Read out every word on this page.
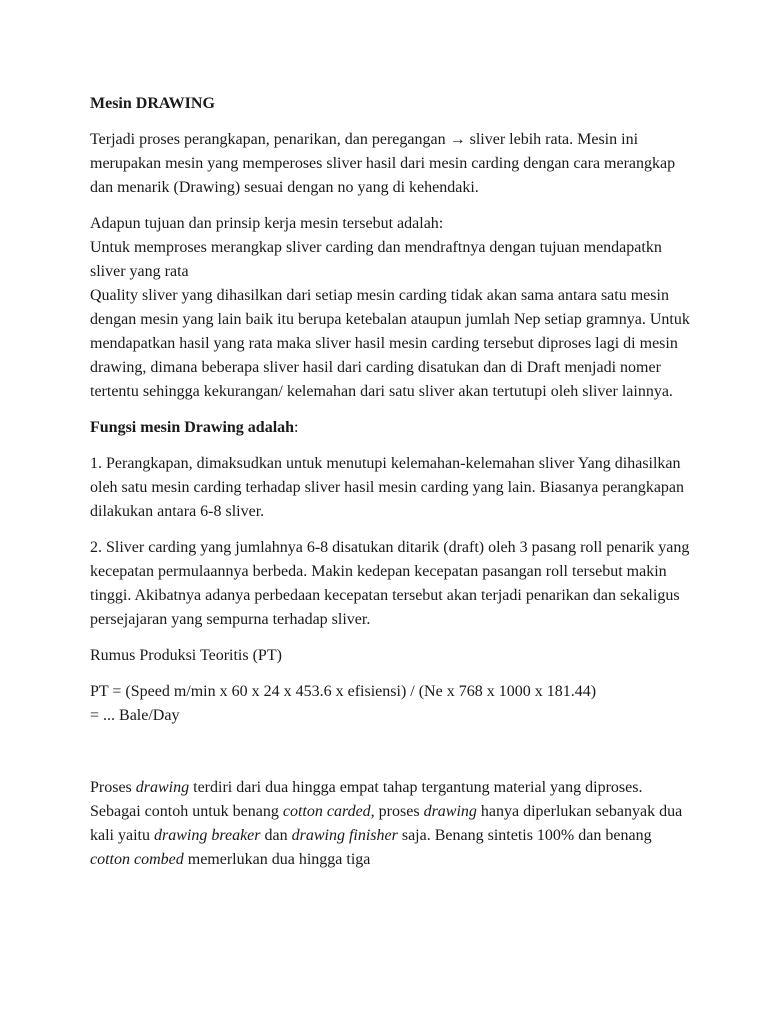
Mesin DRAWING

Terjadi proses perangkapan, penarikan, dan peregangan → sliver lebih rata. Mesin ini merupakan mesin yang memperoses sliver hasil dari mesin carding dengan cara merangkap dan menarik (Drawing) sesuai dengan no yang di kehendaki.

Adapun tujuan dan prinsip kerja mesin tersebut adalah:
Untuk memproses merangkap sliver carding dan mendraftnya dengan tujuan mendapatkn sliver yang rata
Quality sliver yang dihasilkan dari setiap mesin carding tidak akan sama antara satu mesin dengan mesin yang lain baik itu berupa ketebalan ataupun jumlah Nep setiap gramnya. Untuk mendapatkan hasil yang rata maka sliver hasil mesin carding tersebut diproses lagi di mesin drawing, dimana beberapa sliver hasil dari carding disatukan dan di Draft menjadi nomer tertentu sehingga kekurangan/ kelemahan dari satu sliver akan tertutupi oleh sliver lainnya.

Fungsi mesin Drawing adalah:

1. Perangkapan, dimaksudkan untuk menutupi kelemahan-kelemahan sliver Yang dihasilkan oleh satu mesin carding terhadap sliver hasil mesin carding yang lain. Biasanya perangkapan dilakukan antara 6-8 sliver.

2. Sliver carding yang jumlahnya 6-8 disatukan ditarik (draft) oleh 3 pasang roll penarik yang kecepatan permulaannya berbeda. Makin kedepan kecepatan pasangan roll tersebut makin tinggi. Akibatnya adanya perbedaan kecepatan tersebut akan terjadi penarikan dan sekaligus persejajaran yang sempurna terhadap sliver.

Rumus Produksi Teoritis (PT)

PT = (Speed m/min x 60 x 24 x 453.6 x efisiensi) / (Ne x 768 x 1000 x 181.44)
= ... Bale/Day

Proses drawing terdiri dari dua hingga empat tahap tergantung material yang diproses. Sebagai contoh untuk benang cotton carded, proses drawing hanya diperlukan sebanyak dua kali yaitu drawing breaker dan drawing finisher saja. Benang sintetis 100% dan benang cotton combed memerlukan dua hingga tiga
